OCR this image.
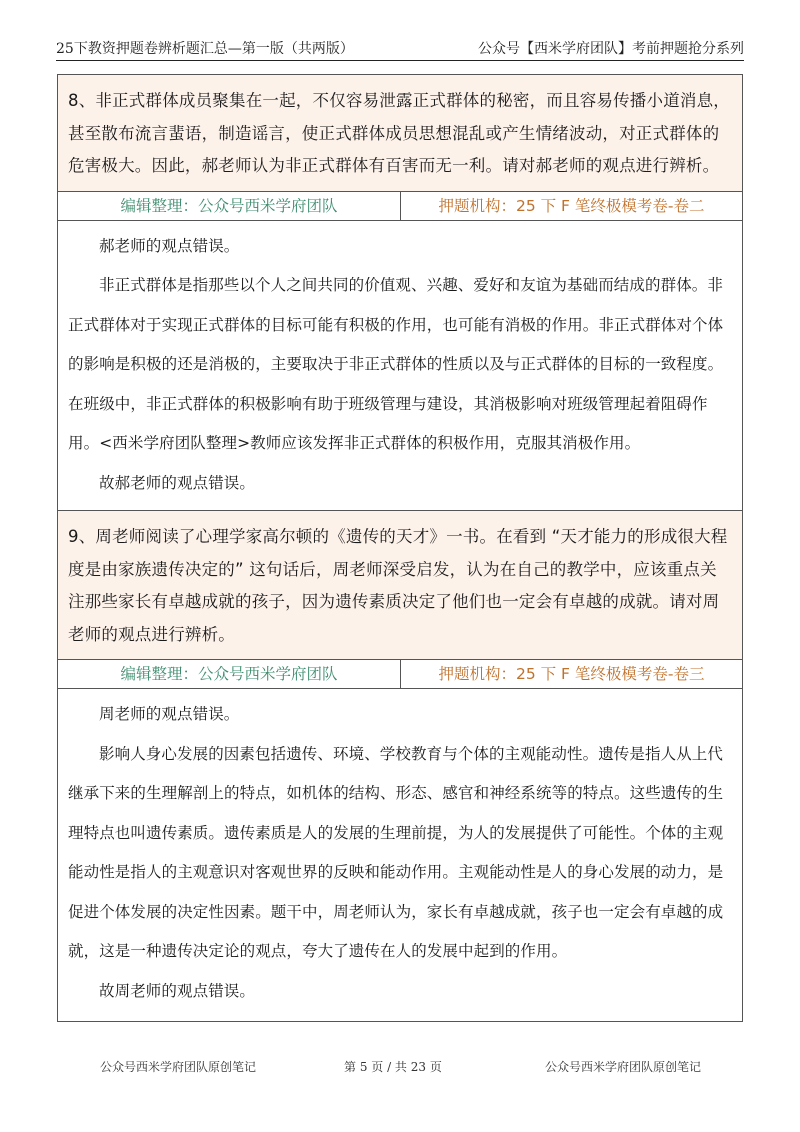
25下教资押题卷辨析题汇总—第一版（共两版）	公众号【西米学府团队】考前押题抢分系列
8、非正式群体成员聚集在一起，不仅容易泄露正式群体的秘密，而且容易传播小道消息，甚至散布流言蜚语，制造谣言，使正式群体成员思想混乱或产生情绪波动，对正式群体的危害极大。因此，郝老师认为非正式群体有百害而无一利。请对郝老师的观点进行辨析。
编辑整理：公众号西米学府团队	押题机构：25 下 F 笔终极模考卷-卷二

郝老师的观点错误。

非正式群体是指那些以个人之间共同的价值观、兴趣、爱好和友谊为基础而结成的群体。非正式群体对于实现正式群体的目标可能有积极的作用，也可能有消极的作用。非正式群体对个体的影响是积极的还是消极的，主要取决于非正式群体的性质以及与正式群体的目标的一致程度。在班级中，非正式群体的积极影响有助于班级管理与建设，其消极影响对班级管理起着阻碍作用。<西米学府团队整理>教师应该发挥非正式群体的积极作用，克服其消极作用。

故郝老师的观点错误。

9、周老师阅读了心理学家高尔顿的《遗传的天才》一书。在看到 “天才能力的形成很大程度是由家族遗传决定的” 这句话后，周老师深受启发，认为在自己的教学中，应该重点关注那些家长有卓越成就的孩子，因为遗传素质决定了他们也一定会有卓越的成就。请对周老师的观点进行辨析。
编辑整理：公众号西米学府团队	押题机构：25 下 F 笔终极模考卷-卷三

周老师的观点错误。

影响人身心发展的因素包括遗传、环境、学校教育与个体的主观能动性。遗传是指人从上代继承下来的生理解剖上的特点，如机体的结构、形态、感官和神经系统等的特点。这些遗传的生理特点也叫遗传素质。遗传素质是人的发展的生理前提，为人的发展提供了可能性。个体的主观能动性是指人的主观意识对客观世界的反映和能动作用。主观能动性是人的身心发展的动力，是促进个体发展的决定性因素。题干中，周老师认为，家长有卓越成就，孩子也一定会有卓越的成就，这是一种遗传决定论的观点，夸大了遗传在人的发展中起到的作用。

故周老师的观点错误。

公众号西米学府团队原创笔记	第 5 页 / 共 23 页	公众号西米学府团队原创笔记
